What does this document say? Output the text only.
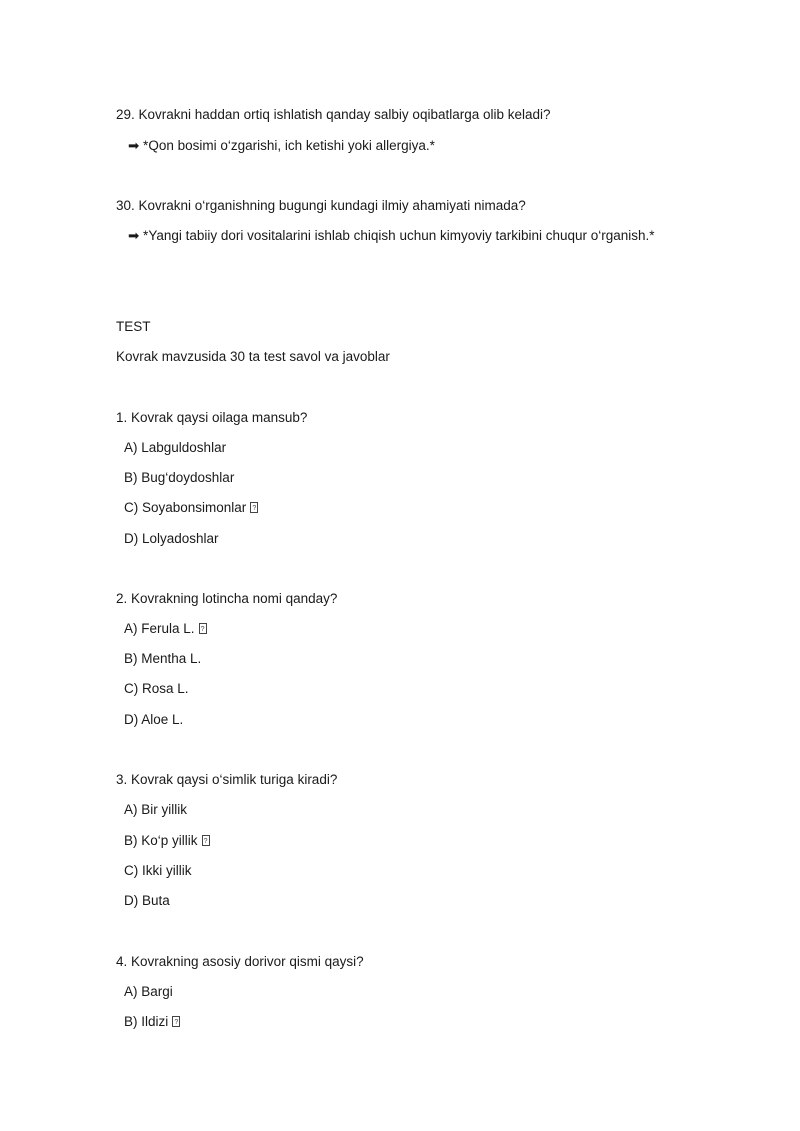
29. Kovrakni haddan ortiq ishlatish qanday salbiy oqibatlarga olib keladi?
➡ *Qon bosimi o‘zgarishi, ich ketishi yoki allergiya.*
30. Kovrakni o‘rganishning bugungi kundagi ilmiy ahamiyati nimada?
➡ *Yangi tabiiy dori vositalarini ishlab chiqish uchun kimyoviy tarkibini chuqur o‘rganish.*
TEST
Kovrak mavzusida 30 ta test savol va javoblar
1. Kovrak qaysi oilaga mansub?
A) Labguldoshlar
B) Bug‘doydoshlar
C) Soyabonsimonlar?
D) Lolyadoshlar
2. Kovrakning lotincha nomi qanday?
A) Ferula L.?
B) Mentha L.
C) Rosa L.
D) Aloe L.
3. Kovrak qaysi o‘simlik turiga kiradi?
A) Bir yillik
B) Ko‘p yillik?
C) Ikki yillik
D) Buta
4. Kovrakning asosiy dorivor qismi qaysi?
A) Bargi
B) Ildizi?
